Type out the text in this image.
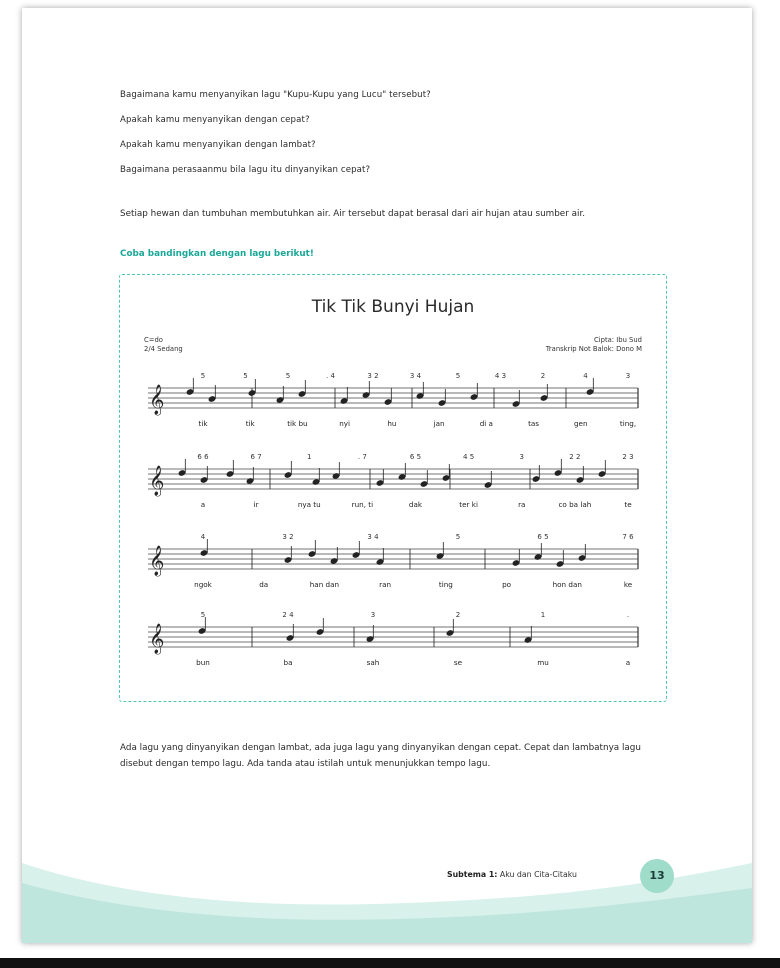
Bagaimana kamu menyanyikan lagu "Kupu-Kupu yang Lucu" tersebut?
Apakah kamu menyanyikan dengan cepat?
Apakah kamu menyanyikan dengan lambat?
Bagaimana perasaanmu bila lagu itu dinyanyikan cepat?
Setiap hewan dan tumbuhan membutuhkan air. Air tersebut dapat berasal dari air hujan atau sumber air.
Coba bandingkan dengan lagu berikut!
Tik Tik Bunyi Hujan
C=do
2/4 Sedang
Cipta: Ibu Sud
Transkrip Not Balok: Dono M
𝄞
5	5	5	. 4	3 2	3 4	5	4 3	2	4	3
tik	tik	tik bu	nyi	hu	jan	di a	tas	gen	ting,
𝄞
6 6	6 7	1	. 7	6 5	4 5	3	2 2	2 3
a	ir	nya tu	run, ti	dak	ter ki	ra	co ba lah	te
𝄞
4	3 2	3 4	5	6 5	7 6
ngok	da	han dan	ran	ting	po	hon dan	ke
𝄞
5	2 4	3	2	1	.
bun	ba	sah	se	mu	a
Ada lagu yang dinyanyikan dengan lambat, ada juga lagu yang dinyanyikan dengan cepat. Cepat dan lambatnya lagu disebut dengan tempo lagu. Ada tanda atau istilah untuk menunjukkan tempo lagu.
Subtema 1: Aku dan Cita-Citaku	13
